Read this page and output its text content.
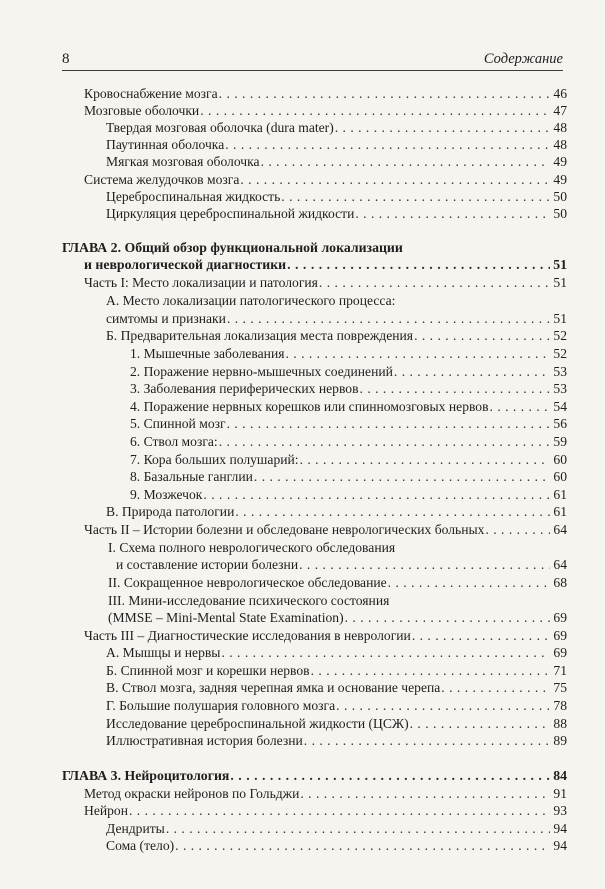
8	Содержание
Кровоснабжение мозга . . .	46
Мозговые оболочки . . .	47
Твердая мозговая оболочка (dura mater) . . .	48
Паутинная оболочка . . .	48
Мягкая мозговая оболочка . . .	49
Система желудочков мозга . . .	49
Цереброспинальная жидкость . . .	50
Циркуляция цереброспинальной жидкости . . .	50
ГЛАВА 2. Общий обзор функциональной локализации
и неврологической диагностики . . .	51
Часть I: Место локализации и патология . . .	51
А. Место локализации патологического процесса:
симтомы и признаки . . .	51
Б. Предварительная локализация места повреждения . . .	52
1. Мышечные заболевания . . .	52
2. Поражение нервно-мышечных соединений . . .	53
3. Заболевания периферических нервов . . .	53
4. Поражение нервных корешков или спинномозговых нервов . . .	54
5. Спинной мозг . . .	56
6. Ствол мозга: . . .	59
7. Кора больших полушарий: . . .	60
8. Базальные ганглии . . .	60
9. Мозжечок . . .	61
В. Природа патологии . . .	61
Часть II – Истории болезни и обследоване неврологических больных . . .	64
I. Схема полного неврологического обследования
и составление истории болезни . . .	64
II. Сокращенное неврологическое обследование . . .	68
III. Мини-исследование психического состояния
(MMSE – Mini-Mental State Examination) . . .	69
Часть III – Диагностические исследования в неврологии . . .	69
А. Мышцы и нервы . . .	69
Б. Спинной мозг и корешки нервов . . .	71
В. Ствол мозга, задняя черепная ямка и основание черепа . . .	75
Г. Большие полушария головного мозга . . .	78
Исследование цереброспинальной жидкости (ЦСЖ) . . .	88
Иллюстративная история болезни . . .	89
ГЛАВА 3. Нейроцитология . . .	84
Метод окраски нейронов по Гольджи . . .	91
Нейрон . . .	93
Дендриты . . .	94
Сома (тело) . . .	94
